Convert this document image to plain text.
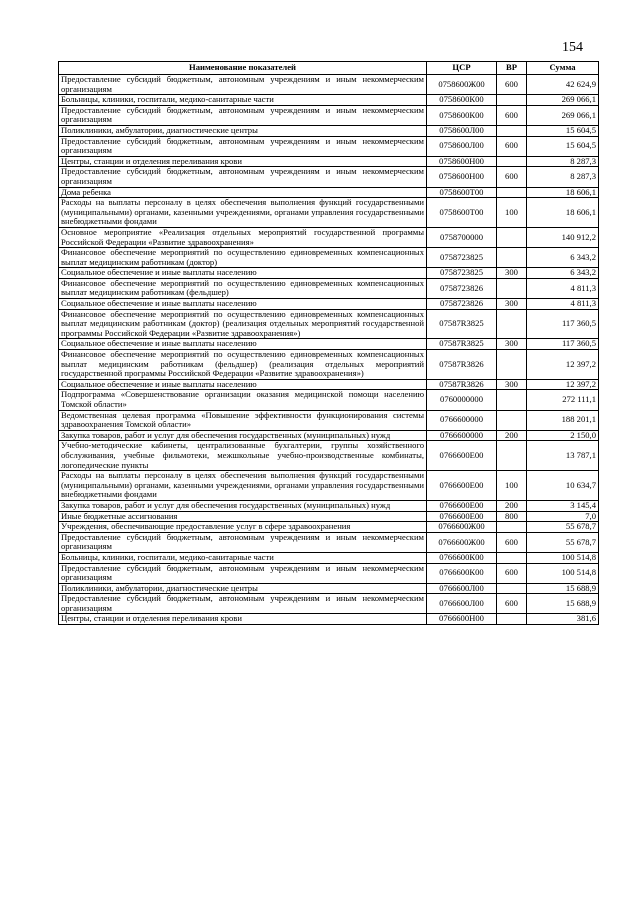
154
Наименование показателей	ЦСР	ВР	Сумма
Предоставление субсидий бюджетным, автономным учреждениям и иным некоммерческим организациям	0758600Ж00	600	42 624,9
Больницы, клиники, госпитали, медико-санитарные части	0758600К00		269 066,1
Предоставление субсидий бюджетным, автономным учреждениям и иным некоммерческим организациям	0758600К00	600	269 066,1
Поликлиники, амбулатории, диагностические центры	0758600Л00		15 604,5
Предоставление субсидий бюджетным, автономным учреждениям и иным некоммерческим организациям	0758600Л00	600	15 604,5
Центры, станции и отделения переливания крови	0758600Н00		8 287,3
Предоставление субсидий бюджетным, автономным учреждениям и иным некоммерческим организациям	0758600Н00	600	8 287,3
Дома ребенка	0758600Т00		18 606,1
Расходы на выплаты персоналу в целях обеспечения выполнения функций государственными (муниципальными) органами, казенными учреждениями, органами управления государственными внебюджетными фондами	0758600Т00	100	18 606,1
Основное мероприятие «Реализация отдельных мероприятий государственной программы Российской Федерации «Развитие здравоохранения»	0758700000		140 912,2
Финансовое обеспечение мероприятий по осуществлению единовременных компенсационных выплат медицинским работникам (доктор)	0758723825		6 343,2
Социальное обеспечение и иные выплаты населению	0758723825	300	6 343,2
Финансовое обеспечение мероприятий по осуществлению единовременных компенсационных выплат медицинским работникам (фельдшер)	0758723826		4 811,3
Социальное обеспечение и иные выплаты населению	0758723826	300	4 811,3
Финансовое обеспечение мероприятий по осуществлению единовременных компенсационных выплат медицинским работникам (доктор) (реализация отдельных мероприятий государственной программы Российской Федерации «Развитие здравоохранения»)	07587R3825		117 360,5
Социальное обеспечение и иные выплаты населению	07587R3825	300	117 360,5
Финансовое обеспечение мероприятий по осуществлению единовременных компенсационных выплат медицинским работникам (фельдшер) (реализация отдельных мероприятий государственной программы Российской Федерации «Развитие здравоохранения»)	07587R3826		12 397,2
Социальное обеспечение и иные выплаты населению	07587R3826	300	12 397,2
Подпрограмма «Совершенствование организации оказания медицинской помощи населению Томской области»	0760000000		272 111,1
Ведомственная целевая программа «Повышение эффективности функционирования системы здравоохранения Томской области»	0766600000		188 201,1
Закупка товаров, работ и услуг для обеспечения государственных (муниципальных) нужд	0766600000	200	2 150,0
Учебно-методические кабинеты, централизованные бухгалтерии, группы хозяйственного обслуживания, учебные фильмотеки, межшкольные учебно-производственные комбинаты, логопедические пункты	0766600Е00		13 787,1
Расходы на выплаты персоналу в целях обеспечения выполнения функций государственными (муниципальными) органами, казенными учреждениями, органами управления государственными внебюджетными фондами	0766600Е00	100	10 634,7
Закупка товаров, работ и услуг для обеспечения государственных (муниципальных) нужд	0766600Е00	200	3 145,4
Иные бюджетные ассигнования	0766600Е00	800	7,0
Учреждения, обеспечивающие предоставление услуг в сфере здравоохранения	0766600Ж00		55 678,7
Предоставление субсидий бюджетным, автономным учреждениям и иным некоммерческим организациям	0766600Ж00	600	55 678,7
Больницы, клиники, госпитали, медико-санитарные части	0766600К00		100 514,8
Предоставление субсидий бюджетным, автономным учреждениям и иным некоммерческим организациям	0766600К00	600	100 514,8
Поликлиники, амбулатории, диагностические центры	0766600Л00		15 688,9
Предоставление субсидий бюджетным, автономным учреждениям и иным некоммерческим организациям	0766600Л00	600	15 688,9
Центры, станции и отделения переливания крови	0766600Н00		381,6
